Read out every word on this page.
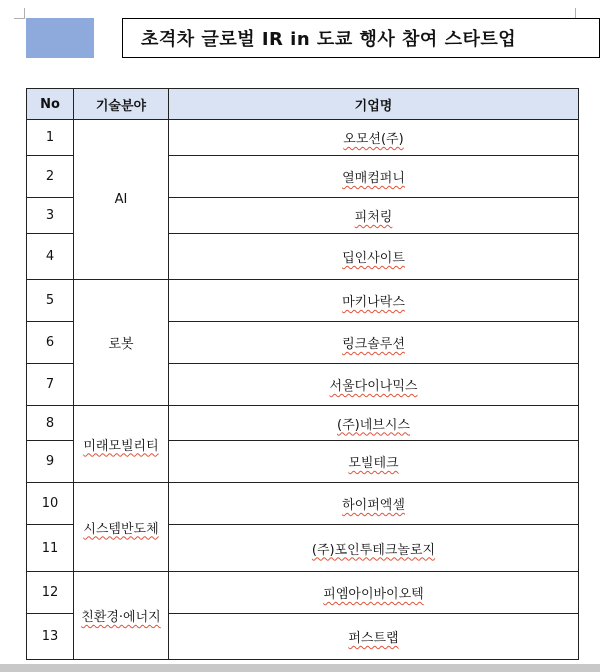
초격차 글로벌 IR in 도쿄 행사 참여 스타트업
No	기술분야	기업명
1	AI	오모션(주)
2		열매컴퍼니
3		피처링
4		딥인사이트
5	로봇	마키나락스
6		링크솔루션
7		서울다이나믹스
8	미래모빌리티	(주)네브시스
9		모빌테크
10	시스템반도체	하이퍼엑셀
11		(주)포인투테크놀로지
12	친환경·에너지	피엠아이바이오텍
13		퍼스트랩
